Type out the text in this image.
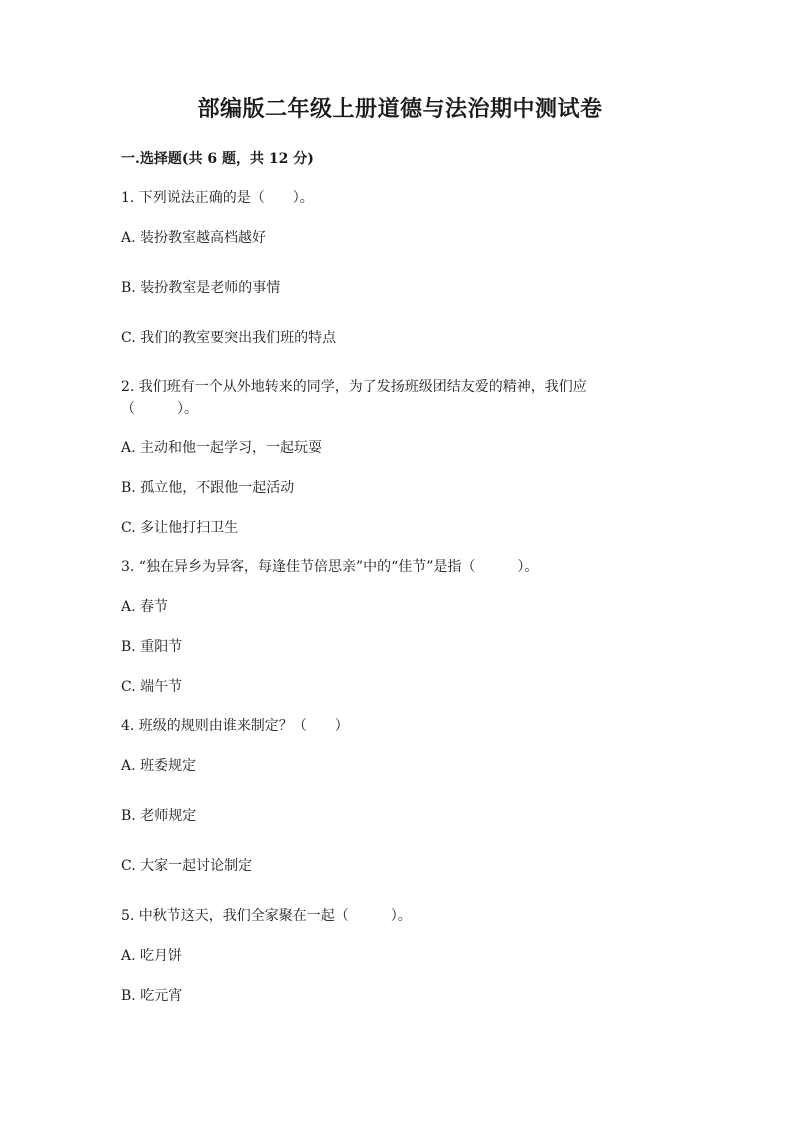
部编版二年级上册道德与法治期中测试卷
一.选择题(共 6 题，共 12 分)
1. 下列说法正确的是（　　）。
A. 装扮教室越高档越好
B. 装扮教室是老师的事情
C. 我们的教室要突出我们班的特点
2. 我们班有一个从外地转来的同学，为了发扬班级团结友爱的精神，我们应
（　　　）。
A. 主动和他一起学习，一起玩耍
B. 孤立他，不跟他一起活动
C. 多让他打扫卫生
3. “独在异乡为异客，每逢佳节倍思亲”中的“佳节”是指（　　　）。
A. 春节
B. 重阳节
C. 端午节
4. 班级的规则由谁来制定？（　　）
A. 班委规定
B. 老师规定
C. 大家一起讨论制定
5. 中秋节这天，我们全家聚在一起（　　　）。
A. 吃月饼
B. 吃元宵
